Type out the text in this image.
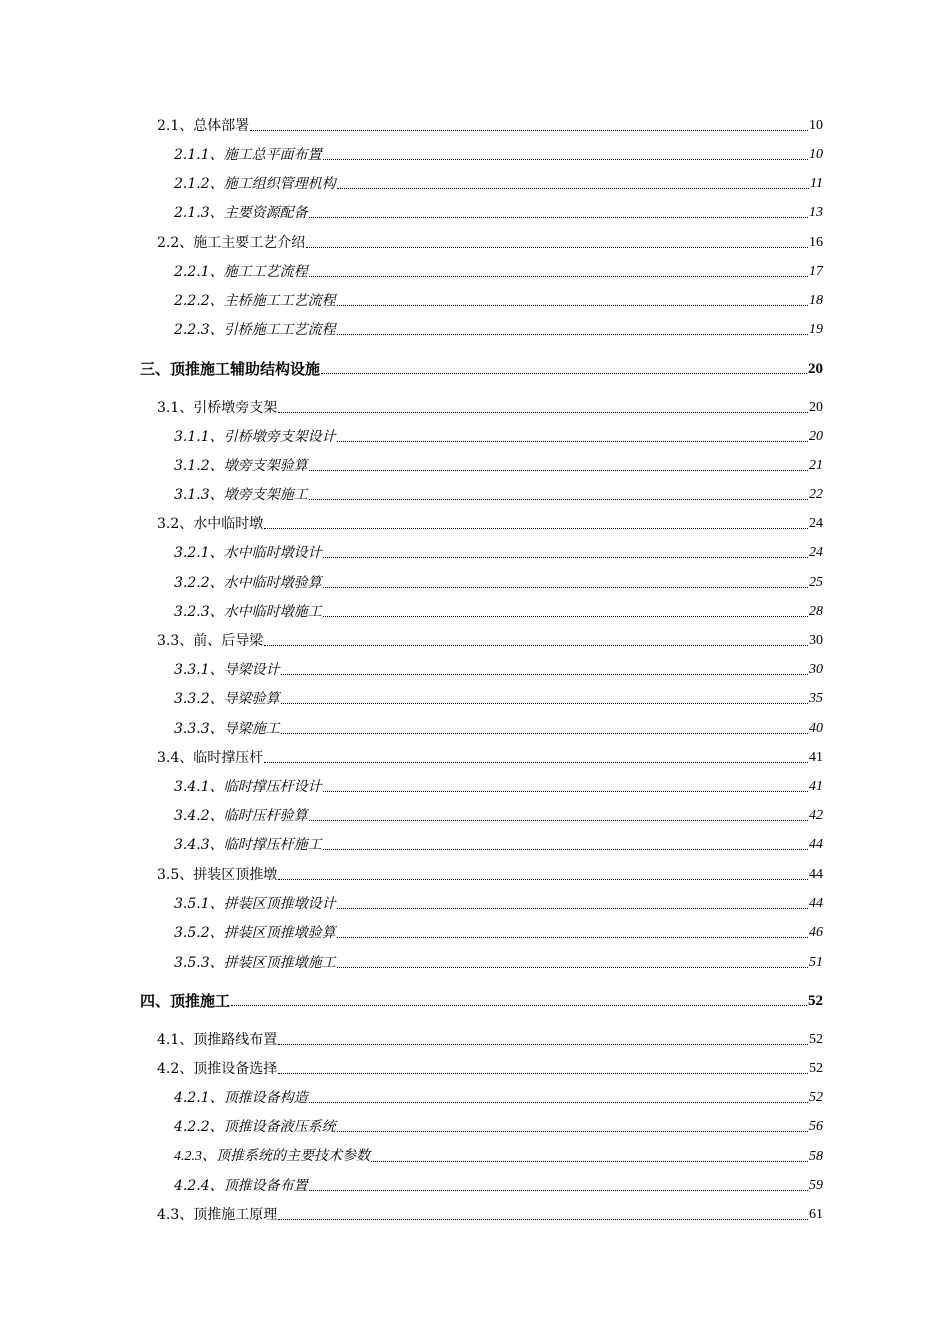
2.1、总体部署	10
2.1.1、施工总平面布置	10
2.1.2、施工组织管理机构	11
2.1.3、主要资源配备	13
2.2、施工主要工艺介绍	16
2.2.1、施工工艺流程	17
2.2.2、主桥施工工艺流程	18
2.2.3、引桥施工工艺流程	19
三、顶推施工辅助结构设施	20
3.1、引桥墩旁支架	20
3.1.1、引桥墩旁支架设计	20
3.1.2、墩旁支架验算	21
3.1.3、墩旁支架施工	22
3.2、水中临时墩	24
3.2.1、水中临时墩设计	24
3.2.2、水中临时墩验算	25
3.2.3、水中临时墩施工	28
3.3、前、后导梁	30
3.3.1、导梁设计	30
3.3.2、导梁验算	35
3.3.3、导梁施工	40
3.4、临时撑压杆	41
3.4.1、临时撑压杆设计	41
3.4.2、临时压杆验算	42
3.4.3、临时撑压杆施工	44
3.5、拼装区顶推墩	44
3.5.1、拼装区顶推墩设计	44
3.5.2、拼装区顶推墩验算	46
3.5.3、拼装区顶推墩施工	51
四、顶推施工	52
4.1、顶推路线布置	52
4.2、顶推设备选择	52
4.2.1、顶推设备构造	52
4.2.2、顶推设备液压系统	56
4.2.3、顶推系统的主要技术参数	58
4.2.4、顶推设备布置	59
4.3、顶推施工原理	61
